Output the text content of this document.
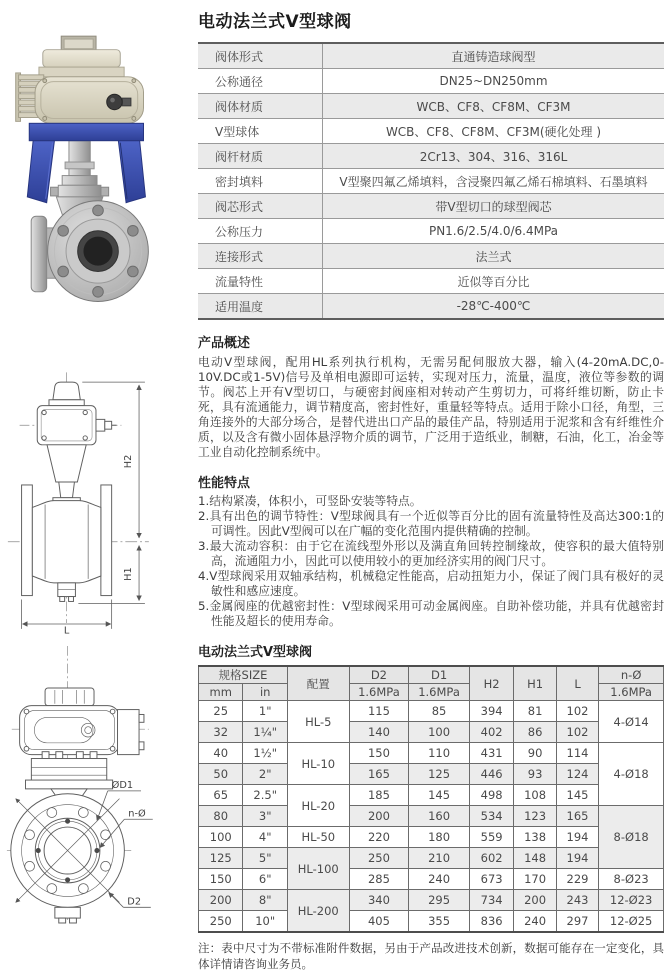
H2
H1
L
ØD1
n-Ø
D2
电动法兰式V型球阀
阀体形式	直通铸造球阀型
公称通径	DN25~DN250mm
阀体材质	WCB、CF8、CF8M、CF3M
V型球体	WCB、CF8、CF8M、CF3M(硬化处理 )
阀杆材质	2Cr13、304、316、316L
密封填料	V型聚四氟乙烯填料，含浸聚四氟乙烯石棉填料、石墨填料
阀芯形式	带V型切口的球型阀芯
公称压力	PN1.6/2.5/4.0/6.4MPa
连接形式	法兰式
流量特性	近似等百分比
适用温度	-28℃-400℃
产品概述
电动V型球阀，配用HL系列执行机构，无需另配伺服放大器，输入(4-20mA.DC,0-10V.DC或1-5V)信号及单相电源即可运转，实现对压力，流量，温度，液位等参数的调节。阀芯上开有V型切口，与硬密封阀座相对转动产生剪切力，可将纤维切断，防止卡死，具有流通能力，调节精度高，密封性好，重量轻等特点。适用于除小口径，角型，三角连接外的大部分场合，是替代进出口产品的最佳产品，特别适用于泥浆和含有纤维性介质，以及含有微小固体悬浮物介质的调节，广泛用于造纸业，制糖，石油，化工，冶金等工业自动化控制系统中。
性能特点
1.结构紧凑，体积小，可竖卧安装等特点。
2.具有出色的调节特性：V型球阀具有一个近似等百分比的固有流量特性及高达300:1的可调性。因此V型阀可以在广幅的变化范围内提供精确的控制。
3.最大流动容积：由于它在流线型外形以及满直角回转控制缘故，使容积的最大值特别高，流通阻力小，因此可以使用较小的更加经济实用的阀门尺寸。
4.V型球阀采用双轴承结构，机械稳定性能高，启动扭矩力小，保证了阀门具有极好的灵敏性和感应速度。
5.金属阀座的优越密封性：V型球阀采用可动金属阀座。自助补偿功能，并具有优越密封性能及超长的使用寿命。
电动法兰式V型球阀
规格SIZE		配置	D2	D1	H2	H1	L	n-Ø
mm	in		1.6MPa	1.6MPa				1.6MPa
25	1"	HL-5	115	85	394	81	102	4-Ø14
32	1¼"		140	100	402	86	102	
40	1½"	HL-10	150	110	431	90	114	4-Ø18
50	2"		165	125	446	93	124	
65	2.5"	HL-20	185	145	498	108	145	
80	3"		200	160	534	123	165	8-Ø18
100	4"	HL-50	220	180	559	138	194	
125	5"	HL-100	250	210	602	148	194	
150	6"		285	240	673	170	229	8-Ø23
200	8"	HL-200	340	295	734	200	243	12-Ø23
250	10"		405	355	836	240	297	12-Ø25
注：表中尺寸为不带标准附件数据，另由于产品改进技术创新，数据可能存在一定变化，具体详情请咨询业务员。
